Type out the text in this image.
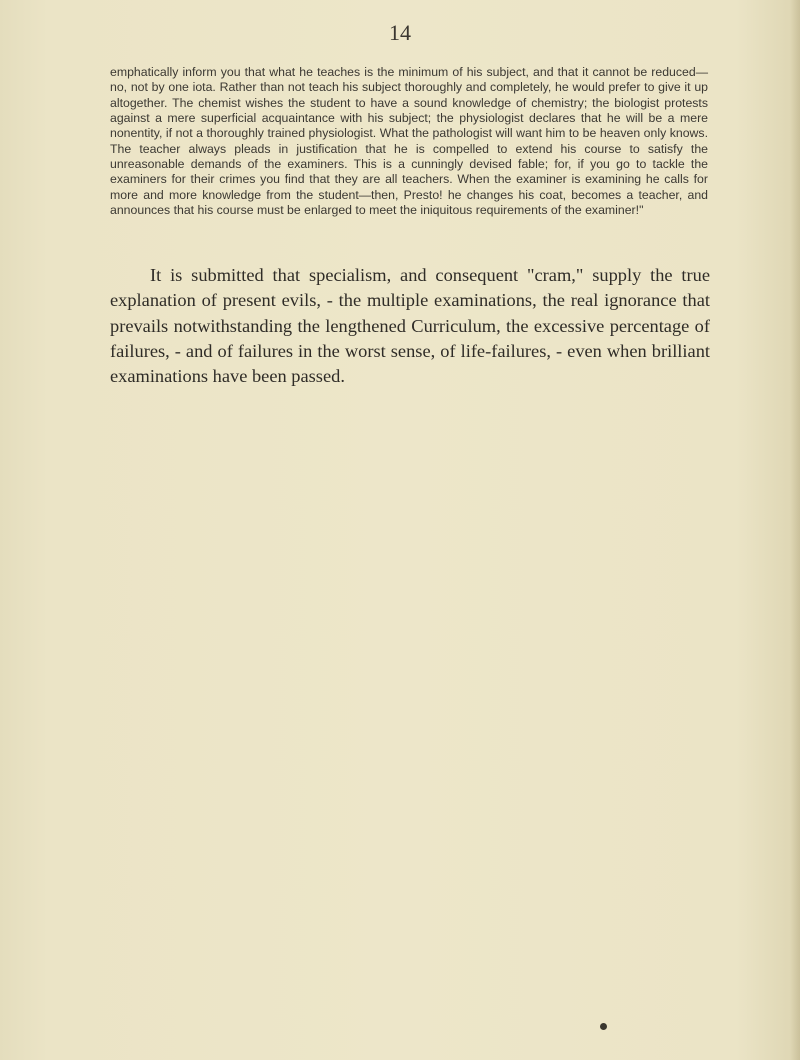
14

emphatically inform you that what he teaches is the minimum of his subject, and that it cannot be reduced—no, not by one iota. Rather than not teach his subject thoroughly and completely, he would prefer to give it up altogether. The chemist wishes the student to have a sound knowledge of chemistry; the biologist protests against a mere superficial acquaintance with his subject; the physiologist declares that he will be a mere nonentity, if not a thoroughly trained physiologist. What the pathologist will want him to be heaven only knows. The teacher always pleads in justification that he is compelled to extend his course to satisfy the unreasonable demands of the examiners. This is a cunningly devised fable; for, if you go to tackle the examiners for their crimes you find that they are all teachers. When the examiner is examining he calls for more and more knowledge from the student—then, Presto! he changes his coat, becomes a teacher, and announces that his course must be enlarged to meet the iniquitous requirements of the examiner!"

It is submitted that specialism, and consequent "cram," supply the true explanation of present evils, - the multiple examinations, the real ignorance that prevails notwithstanding the lengthened Curriculum, the excessive percentage of failures, - and of failures in the worst sense, of life-failures, - even when brilliant examinations have been passed.
